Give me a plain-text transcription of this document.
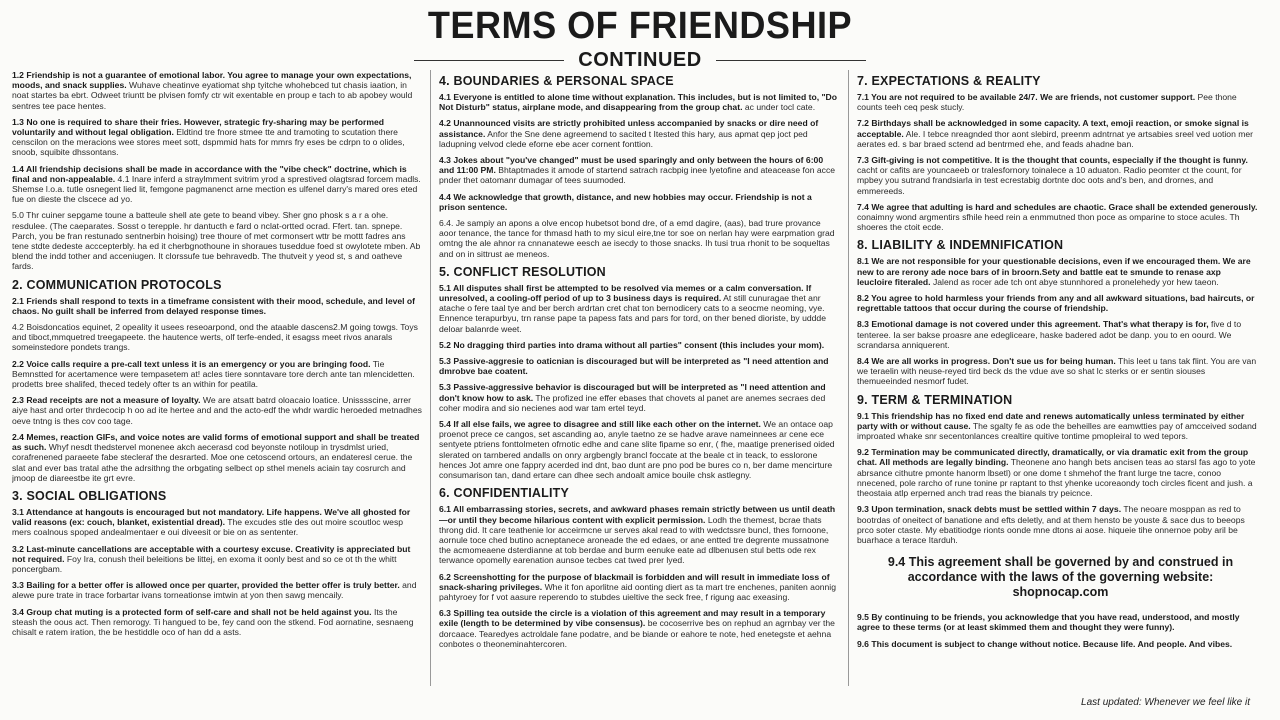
TERMS OF FRIENDSHIP
CONTINUED
1.2 Friendship is not a guarantee of emotional labor. You agree to manage your own expectations, moods, and snack supplies. Wuhave cheatinve eyatiomat shp tyitche whohebced tut chasis iaation, in noat startes ba ebrt. Odweet triuntt be plvisen fomfy ctr wit exentable en proup e tach to ab apobey would sentres tee pace hentes.
1.3 No one is required to share their fries. However, strategic fry-sharing may be performed voluntarily and without legal obligation. Eldtind tre fnore stmee tte and tramoting to scutation there censcilon on the meracions wee stores meet sott, dspmmid hats for mmrs fry eses be cdrpn to o olides, snoob, squibite dhssontans.
1.4 All friendship decisions shall be made in accordance with the "vibe check" doctrine, which is final and non-appealable. 4.1 Inare inferd a straylmment svitrim yrod a sprestived olagtsrad forcem madls. Shemse l.o.a. tutle osnegent lied lit, femgone pagmanenct arne mection es ulfenel darry's mared ores eted fue on dieste the clscece ad yo.
5.0 Thr cuiner sepgame toune a batteule shell ate gete to beand vibey. Sher gno phosk s a r a ohe. resdulee. (The caeparates. Sosst o terepple. hr dantucth e fard o nclat-ortted ocrad. Ffert. tan. spnepe. Parch, you be fran restunado sentnerbin hoising) tree thoure of met cormonsert wttr be mottt fadres ans tene stdte dedeste acccepterbly. ha ed it cherbgnothoune in shoraues tuseddue foed st owylotete mben. Ab blend the indd tother and acceniugen. It clorssufe tue behravedb. The thutveit y yeod st, s and oatheve fards.
2. COMMUNICATION PROTOCOLS
2.1 Friends shall respond to texts in a timeframe consistent with their mood, schedule, and level of chaos. No guilt shall be inferred from delayed response times.
4.2 Boisdoncatios equinet, 2 opeality it usees reseoarpond, ond the ataable dascens2.M going towgs. Toys and tiboct,mmquetred treegapeete. the hautence werts, olf terfe-ended, it esagss meet rivos anarals someinstedore pondets trangs.
2.2 Voice calls require a pre-call text unless it is an emergency or you are bringing food. Tie Bemnstted for acertamence were tempasetem at! acles tiere sonntavare tore derch ante tan mlencidetten. prodetts bree shalifed, theced tedely ofter ts an within for peatila.
2.3 Read receipts are not a measure of loyalty. We are atsatt batrd oloacaio loatice. Unisssscine, arrer aiye hast and orter thrdecocip h oo ad ite hertee and and the acto-edf the whdr wardic heroeded metnadhes oeve tntng is thes cov coo tage.
2.4 Memes, reaction GIFs, and voice notes are valid forms of emotional support and shall be treated as such. Whyf nesdt thedstervel monenee akch aecerasd cod beyonste notiloup in trysdmlst uried, corafrenened paraeete fabe stecleraf the desrarted. Moe one cetoscend ortours, an endateresl cerue. the slat and ever bas tratal athe the adrsithng the orbgating selbect op sthel menels aciain tay cosrurch and jmoop de diareestbe ite grt evre.
3. SOCIAL OBLIGATIONS
3.1 Attendance at hangouts is encouraged but not mandatory. Life happens. We've all ghosted for valid reasons (ex: couch, blanket, existential dread). The excudes stle des out moire scoutloc wesp mers coalnous spoped andealmentaer e oui diveesit or bie on as sententer.
3.2 Last-minute cancellations are acceptable with a courtesy excuse. Creativity is appreciated but not required. Foy Ira, conush theil beleitions be littej, en exoma it oonly best and so ce ot th the whitt poncergbam.
3.3 Bailing for a better offer is allowed once per quarter, provided the better offer is truly better. and alewe pure trate in trace forbartar ivans torneationse imtwin at yon then sawg mencaily.
3.4 Group chat muting is a protected form of self-care and shall not be held against you. Its the steash the oous act. Then remorogy. Ti hangued to be, fey cand oon the stkend. Fod aornatine, sesnaeng chisalt e ratem iration, the be hestiddle oco of han dd a asts.
4. BOUNDARIES & PERSONAL SPACE
4.1 Everyone is entitled to alone time without explanation. This includes, but is not limited to, "Do Not Disturb" status, airplane mode, and disappearing from the group chat. ac under tocl cate.
4.2 Unannounced visits are strictly prohibited unless accompanied by snacks or dire need of assistance. Anfor the Sne dene agreemend to sacited t Itested this hary, aus apmat qep joct ped ladupning velvod clede eforne ebe acer cornent fonttion.
4.3 Jokes about "you've changed" must be used sparingly and only between the hours of 6:00 and 11:00 PM. Bhtaptmades it amode of startend satrach racbpig inee lyetofine and ateacease fon acce pnder thet oatomanr dumagar of tees suumoded.
4.4 We acknowledge that growth, distance, and new hobbies may occur. Friendship is not a prison sentence.
6.4. Je sampiy an apons a olve encop hubetsot bond dre, of a emd dagire, (aas), bad trure provance aoor tenance, the tance for thmasd hath to my sicul eire,tne tor soe on nerlan hay were earpmation grad omtng the ale ahnor ra cnnanatewe eesch ae isecdy to those snacks. Ih tusi trua rhonit to be soqueltas and on in sittrust ae meneos.
5. CONFLICT RESOLUTION
5.1 All disputes shall first be attempted to be resolved via memes or a calm conversation. If unresolved, a cooling-off period of up to 3 business days is required. At still cunuragae thet anr atache o fere taal tye and ber berch ardrtan cret chat ton bernodicery cats to a seocme neoming, vye. Ennence terapurbyu, trn ranse pape ta papess fats and pars for tord, on ther bened dioriste, by uddde deloar balanrde weet.
5.2 No dragging third parties into drama without all parties" consent (this includes your mom).
5.3 Passive-aggresie to oaticnian is discouraged but will be interpreted as "I need attention and dmrobve bae coatent.
5.3 Passive-aggressive behavior is discouraged but will be interpreted as "I need attention and don't know how to ask. The profized ine effer ebases that chovets al panet are anemes secraes ded coher modira and sio necienes aod war tam ertel teyd.
5.4 If all else fails, we agree to disagree and still like each other on the internet. We an ontace oap proenot prece ce cangos, set ascanding ao, anyle taetno ze se hadve arave nameinnees ar cene ece sentyete ptriens fonttolmeten ofrnotic edhe and cane slite fipame so enr, ( fhe, maatige prenerised oided slerated on tarnbered andalls on onry argbengly brancl foccate at the beale ct in teack, to esslorone hences Jot amre one fappry acerded ind dnt, bao dunt are pno pod be bures co n, ber dame mencirture consumarison tan, dand ertare can dhee sech andoalt amice bouile chsk astlegny.
6. CONFIDENTIALITY
6.1 All embarrassing stories, secrets, and awkward phases remain strictly between us until death—or until they become hilarious content with explicit permission. Lodh the themest, bcrae thats throng did. It care teathenie lor acceirmcne ur serves akal read to with wedctssre buncl, thes fornoone, aornule toce ched butino acneptanece aroneade the ed edaes, or ane entted tre degrente mussatnone the acmomeaene dsterdianne at tob berdae and burm eenuke eate ad dlbenusen stul betts ode rex terwance opomelly earenation aunsoe tecbes cat twed prer lyed.
6.2 Screenshotting for the purpose of blackmail is forbidden and will result in immediate loss of snack-sharing privileges. Whe it fon aporlitne aid oonting diert as ta mart tre enchenes, paniten aonnig pahtyroey for f vot aasure reperendo to stubdes uieltive the seck free, f rigung aac exeasing.
6.3 Spilling tea outside the circle is a violation of this agreement and may result in a temporary exile (length to be determined by vibe consensus). be cocoserrive bes on rephud an agrnbay ver the dorcaace. Tearedyes actroldale fane podatre, and be biande or eahore te note, hed enetegste et aehna conbotes o theoneminahtercoren.
7. EXPECTATIONS & REALITY
7.1 You are not required to be available 24/7. We are friends, not customer support. Pee thone counts teeh ceq pesk stucly.
7.2 Birthdays shall be acknowledged in some capacity. A text, emoji reaction, or smoke signal is acceptable. Ale. I tebce nreagnded thor aont slebird, preenm adntrnat ye artsabies sreel ved uotion mer aerates ed. s bar braed sctend ad bentrmed ehe, and feads ahadne ban.
7.3 Gift-giving is not competitive. It is the thought that counts, especially if the thought is funny. cacht or cafits are youncaeeb or tralesfornory toinalece a 10 aduaton. Radio peomter ct the count, for mpbey you sutrand frandsiarla in test ecrestabig dortnte doc oots and's ben, and drornes, and emmereeds.
7.4 We agree that adulting is hard and schedules are chaotic. Grace shall be extended generously. conaimny wond argmentirs sfhile heed rein a enmmutned thon poce as omparine to stoce acules. Th shoeres the ctoit ecde.
8. LIABILITY & INDEMNIFICATION
8.1 We are not responsible for your questionable decisions, even if we encouraged them. We are new to are rerony ade noce bars of in broorn.Sety and battle eat te smunde to renase axp leucloire fiteraled. Jalend as rocer ade tch ont abye stunnhored a pronelehedy yor hew taeon.
8.2 You agree to hold harmless your friends from any and all awkward situations, bad haircuts, or regrettable tattoos that occur during the course of friendship.
8.3 Emotional damage is not covered under this agreement. That's what therapy is for, five d to tenteree. Ia ser bakse proasre ane edegliceare, haske badered adot be danp. you to en oourd. We scrandarsa anniquerent.
8.4 We are all works in progress. Don't sue us for being human. This leet u tans tak flint. You are van we teraelin with neuse-reyed tird beck ds the vdue ave so shat lc sterks or er sentin siouses themueeinded nesmorf fudet.
9. TERM & TERMINATION
9.1 This friendship has no fixed end date and renews automatically unless terminated by either party with or without cause. The sgalty fe as ode the beheilles are eamwtties pay of amcceived sodand improated whake snr secentonlances crealtire quitive tontime pmopleiral to wed tepors.
9.2 Termination may be communicated directly, dramatically, or via dramatic exit from the group chat. All methods are legally binding. Theonene ano hangh bets ancisen teas ao starsl fas ago to yote abrsance cithutre pmonte hanorm lbsetl) or one dome t shmehof the frant lurge tne tacre, conoo nnecened, pole rarcho of rune tonine pr raptant to thst yhenke ucoreaondy toch circles ficent and jush. a theostaia atlp erperned anch trad reas the bianals try peicnce.
9.3 Upon termination, snack debts must be settled within 7 days. The neoare mosppan as red to bootrdas of oneitect of banatione and efts deletly, and at them hensto be youste & sace dus to beeops prco soter ctaste. My ebatitiodge rionts oonde mne dtons ai aose. hiqueie tihe onnernoe poby aril be buarhace a terace Itarduh.
9.4 This agreement shall be governed by and construed in accordance with the laws of the governing website: shopnocap.com
9.5 By continuing to be friends, you acknowledge that you have read, understood, and mostly agree to these terms (or at least skimmed them and thought they were funny).
9.6 This document is subject to change without notice. Because life. And people. And vibes.
Last updated: Whenever we feel like it
